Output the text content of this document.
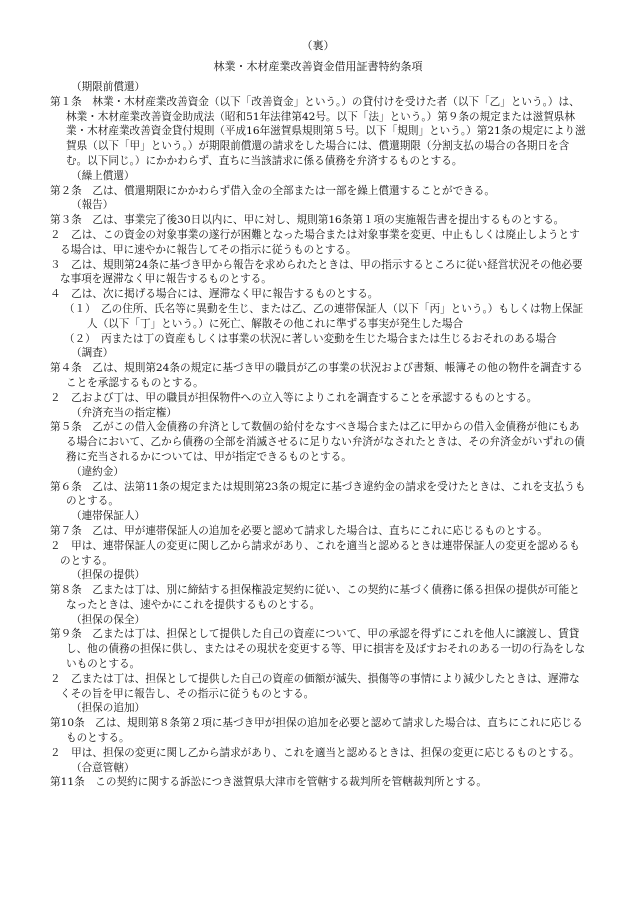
（裏）
林業・木材産業改善資金借用証書特約条項
（期限前償還）
第１条　林業・木材産業改善資金（以下「改善資金」という。）の貸付けを受けた者（以下「乙」という。）は、林業・木材産業改善資金助成法（昭和51年法律第42号。以下「法」という。）第９条の規定または滋賀県林業・木材産業改善資金貸付規則（平成16年滋賀県規則第５号。以下「規則」という。）第21条の規定により滋賀県（以下「甲」という。）が期限前償還の請求をした場合には、償還期限（分割支払の場合の各期日を含む。以下同じ。）にかかわらず、直ちに当該請求に係る債務を弁済するものとする。
（繰上償還）
第２条　乙は、償還期限にかかわらず借入金の全部または一部を繰上償還することができる。
（報告）
第３条　乙は、事業完了後30日以内に、甲に対し、規則第16条第１項の実施報告書を提出するものとする。
２　乙は、この資金の対象事業の遂行が困難となった場合または対象事業を変更、中止もしくは廃止しようとする場合は、甲に速やかに報告してその指示に従うものとする。
３　乙は、規則第24条に基づき甲から報告を求められたときは、甲の指示するところに従い経営状況その他必要な事項を遅滞なく甲に報告するものとする。
４　乙は、次に掲げる場合には、遅滞なく甲に報告するものとする。
（１）　乙の住所、氏名等に異動を生じ、または乙、乙の連帯保証人（以下「丙」という。）もしくは物上保証人（以下「丁」という。）に死亡、解散その他これに準ずる事実が発生した場合
（２）　丙または丁の資産もしくは事業の状況に著しい変動を生じた場合または生じるおそれのある場合
（調査）
第４条　乙は、規則第24条の規定に基づき甲の職員が乙の事業の状況および書類、帳簿その他の物件を調査することを承認するものとする。
２　乙および丁は、甲の職員が担保物件への立入等によりこれを調査することを承認するものとする。
（弁済充当の指定権）
第５条　乙がこの借入金債務の弁済として数個の給付をなすべき場合または乙に甲からの借入金債務が他にもある場合において、乙から債務の全部を消滅させるに足りない弁済がなされたときは、その弁済金がいずれの債務に充当されるかについては、甲が指定できるものとする。
（違約金）
第６条　乙は、法第11条の規定または規則第23条の規定に基づき違約金の請求を受けたときは、これを支払うものとする。
（連帯保証人）
第７条　乙は、甲が連帯保証人の追加を必要と認めて請求した場合は、直ちにこれに応じるものとする。
２　甲は、連帯保証人の変更に関し乙から請求があり、これを適当と認めるときは連帯保証人の変更を認めるものとする。
（担保の提供）
第８条　乙または丁は、別に締結する担保権設定契約に従い、この契約に基づく債務に係る担保の提供が可能となったときは、速やかにこれを提供するものとする。
（担保の保全）
第９条　乙または丁は、担保として提供した自己の資産について、甲の承認を得ずにこれを他人に譲渡し、賃貸し、他の債務の担保に供し、またはその現状を変更する等、甲に損害を及ぼすおそれのある一切の行為をしないものとする。
２　乙または丁は、担保として提供した自己の資産の価額が滅失、損傷等の事情により減少したときは、遅滞なくその旨を甲に報告し、その指示に従うものとする。
（担保の追加）
第10条　乙は、規則第８条第２項に基づき甲が担保の追加を必要と認めて請求した場合は、直ちにこれに応じるものとする。
２　甲は、担保の変更に関し乙から請求があり、これを適当と認めるときは、担保の変更に応じるものとする。
（合意管轄）
第11条　この契約に関する訴訟につき滋賀県大津市を管轄する裁判所を管轄裁判所とする。
